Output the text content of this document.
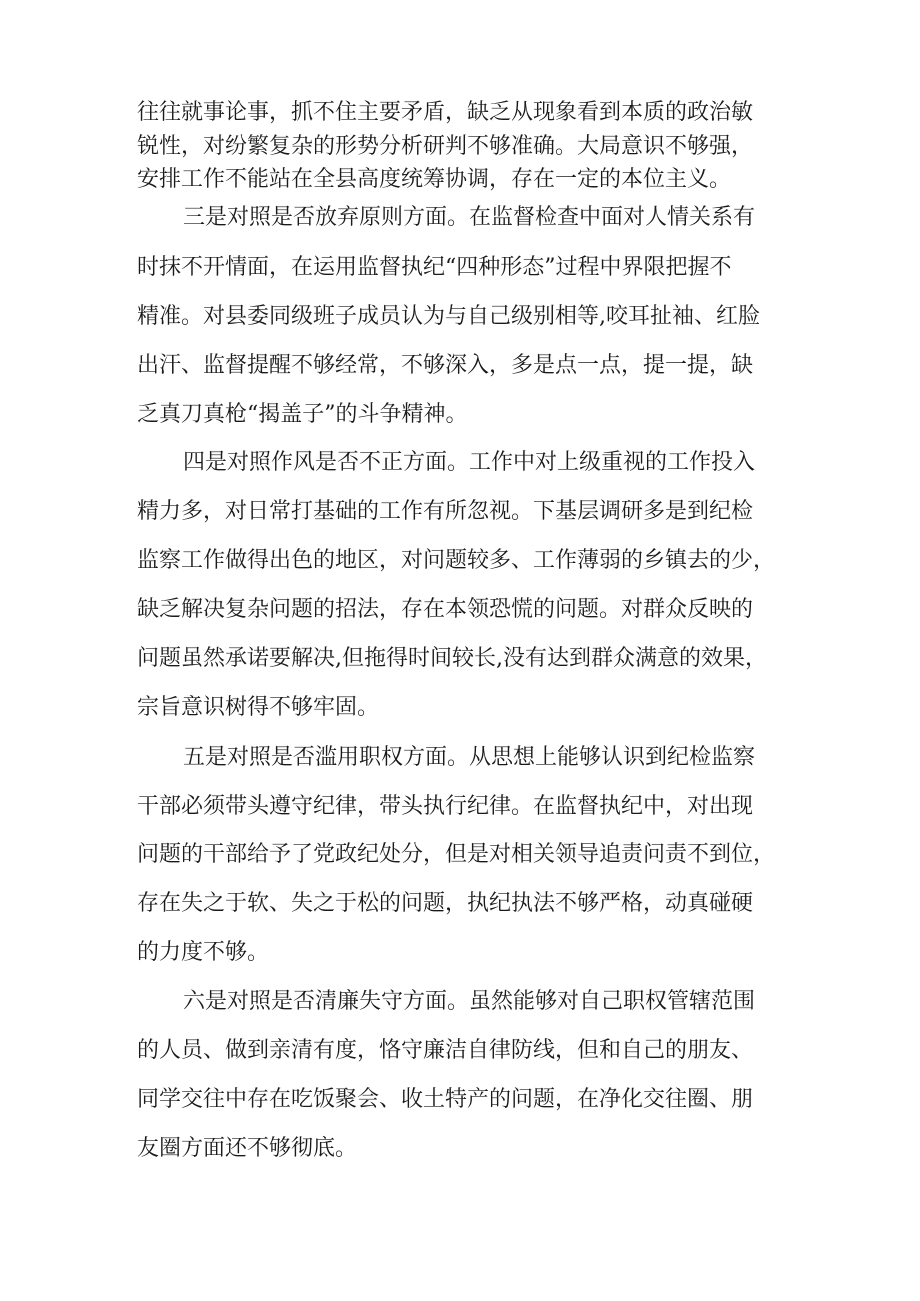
往往就事论事，抓不住主要矛盾，缺乏从现象看到本质的政治敏
锐性，对纷繁复杂的形势分析研判不够准确。大局意识不够强，
安排工作不能站在全县高度统筹协调，存在一定的本位主义。
三是对照是否放弃原则方面。在监督检查中面对人情关系有
时抹不开情面，在运用监督执纪“四种形态”过程中界限把握不
精准。对县委同级班子成员认为与自己级别相等,咬耳扯袖、红脸
出汗、监督提醒不够经常，不够深入，多是点一点，提一提，缺
乏真刀真枪“揭盖子”的斗争精神。
四是对照作风是否不正方面。工作中对上级重视的工作投入
精力多，对日常打基础的工作有所忽视。下基层调研多是到纪检
监察工作做得出色的地区，对问题较多、工作薄弱的乡镇去的少，
缺乏解决复杂问题的招法，存在本领恐慌的问题。对群众反映的
问题虽然承诺要解决,但拖得时间较长,没有达到群众满意的效果，
宗旨意识树得不够牢固。
五是对照是否滥用职权方面。从思想上能够认识到纪检监察
干部必须带头遵守纪律，带头执行纪律。在监督执纪中，对出现
问题的干部给予了党政纪处分，但是对相关领导追责问责不到位，
存在失之于软、失之于松的问题，执纪执法不够严格，动真碰硬
的力度不够。
六是对照是否清廉失守方面。虽然能够对自己职权管辖范围
的人员、做到亲清有度，恪守廉洁自律防线，但和自己的朋友、
同学交往中存在吃饭聚会、收土特产的问题，在净化交往圈、朋
友圈方面还不够彻底。
